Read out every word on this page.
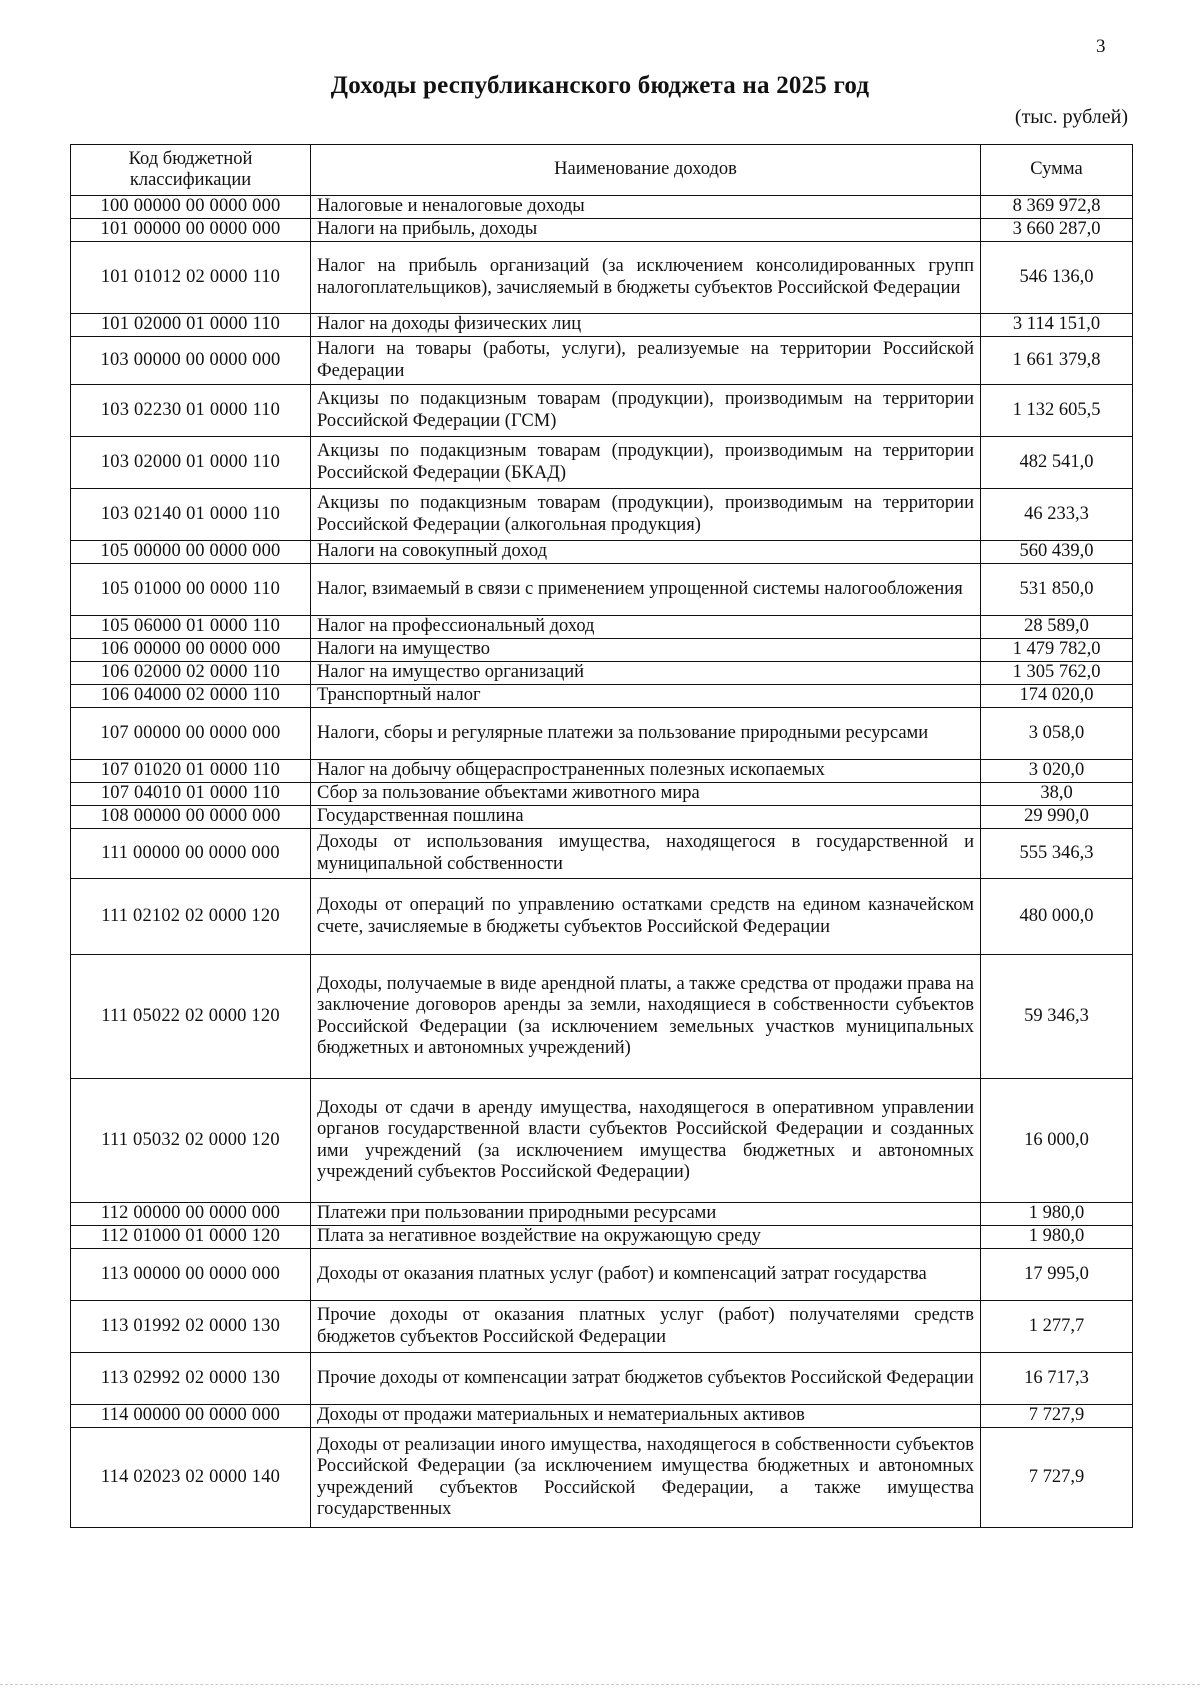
3
Доходы республиканского бюджета на 2025 год
(тыс. рублей)
Код бюджетной классификации	Наименование доходов	Сумма
100 00000 00 0000 000	Налоговые и неналоговые доходы	8 369 972,8
101 00000 00 0000 000	Налоги на прибыль, доходы	3 660 287,0
101 01012 02 0000 110	Налог на прибыль организаций (за исключением консолидированных групп налогоплательщиков), зачисляемый в бюджеты субъектов Российской Федерации	546 136,0
101 02000 01 0000 110	Налог на доходы физических лиц	3 114 151,0
103 00000 00 0000 000	Налоги на товары (работы, услуги), реализуемые на территории Российской Федерации	1 661 379,8
103 02230 01 0000 110	Акцизы по подакцизным товарам (продукции), производимым на территории Российской Федерации (ГСМ)	1 132 605,5
103 02000 01 0000 110	Акцизы по подакцизным товарам (продукции), производимым на территории Российской Федерации (БКАД)	482 541,0
103 02140 01 0000 110	Акцизы по подакцизным товарам (продукции), производимым на территории Российской Федерации (алкогольная продукция)	46 233,3
105 00000 00 0000 000	Налоги на совокупный доход	560 439,0
105 01000 00 0000 110	Налог, взимаемый в связи с применением упрощенной системы налогообложения	531 850,0
105 06000 01 0000 110	Налог на профессиональный доход	28 589,0
106 00000 00 0000 000	Налоги на имущество	1 479 782,0
106 02000 02 0000 110	Налог на имущество организаций	1 305 762,0
106 04000 02 0000 110	Транспортный налог	174 020,0
107 00000 00 0000 000	Налоги, сборы и регулярные платежи за пользование природными ресурсами	3 058,0
107 01020 01 0000 110	Налог на добычу общераспространенных полезных ископаемых	3 020,0
107 04010 01 0000 110	Сбор за пользование объектами животного мира	38,0
108 00000 00 0000 000	Государственная пошлина	29 990,0
111 00000 00 0000 000	Доходы от использования имущества, находящегося в государственной и муниципальной собственности	555 346,3
111 02102 02 0000 120	Доходы от операций по управлению остатками средств на едином казначейском счете, зачисляемые в бюджеты субъектов Российской Федерации	480 000,0
111 05022 02 0000 120	Доходы, получаемые в виде арендной платы, а также средства от продажи права на заключение договоров аренды за земли, находящиеся в собственности субъектов Российской Федерации (за исключением земельных участков муниципальных бюджетных и автономных учреждений)	59 346,3
111 05032 02 0000 120	Доходы от сдачи в аренду имущества, находящегося в оперативном управлении органов государственной власти субъектов Российской Федерации и созданных ими учреждений (за исключением имущества бюджетных и автономных учреждений субъектов Российской Федерации)	16 000,0
112 00000 00 0000 000	Платежи при пользовании природными ресурсами	1 980,0
112 01000 01 0000 120	Плата за негативное воздействие на окружающую среду	1 980,0
113 00000 00 0000 000	Доходы от оказания платных услуг (работ) и компенсаций затрат государства	17 995,0
113 01992 02 0000 130	Прочие доходы от оказания платных услуг (работ) получателями средств бюджетов субъектов Российской Федерации	1 277,7
113 02992 02 0000 130	Прочие доходы от компенсации затрат бюджетов субъектов Российской Федерации	16 717,3
114 00000 00 0000 000	Доходы от продажи материальных и нематериальных активов	7 727,9
114 02023 02 0000 140	Доходы от реализации иного имущества, находящегося в собственности субъектов Российской Федерации (за исключением имущества бюджетных и автономных учреждений субъектов Российской Федерации, а также имущества государственных	7 727,9
